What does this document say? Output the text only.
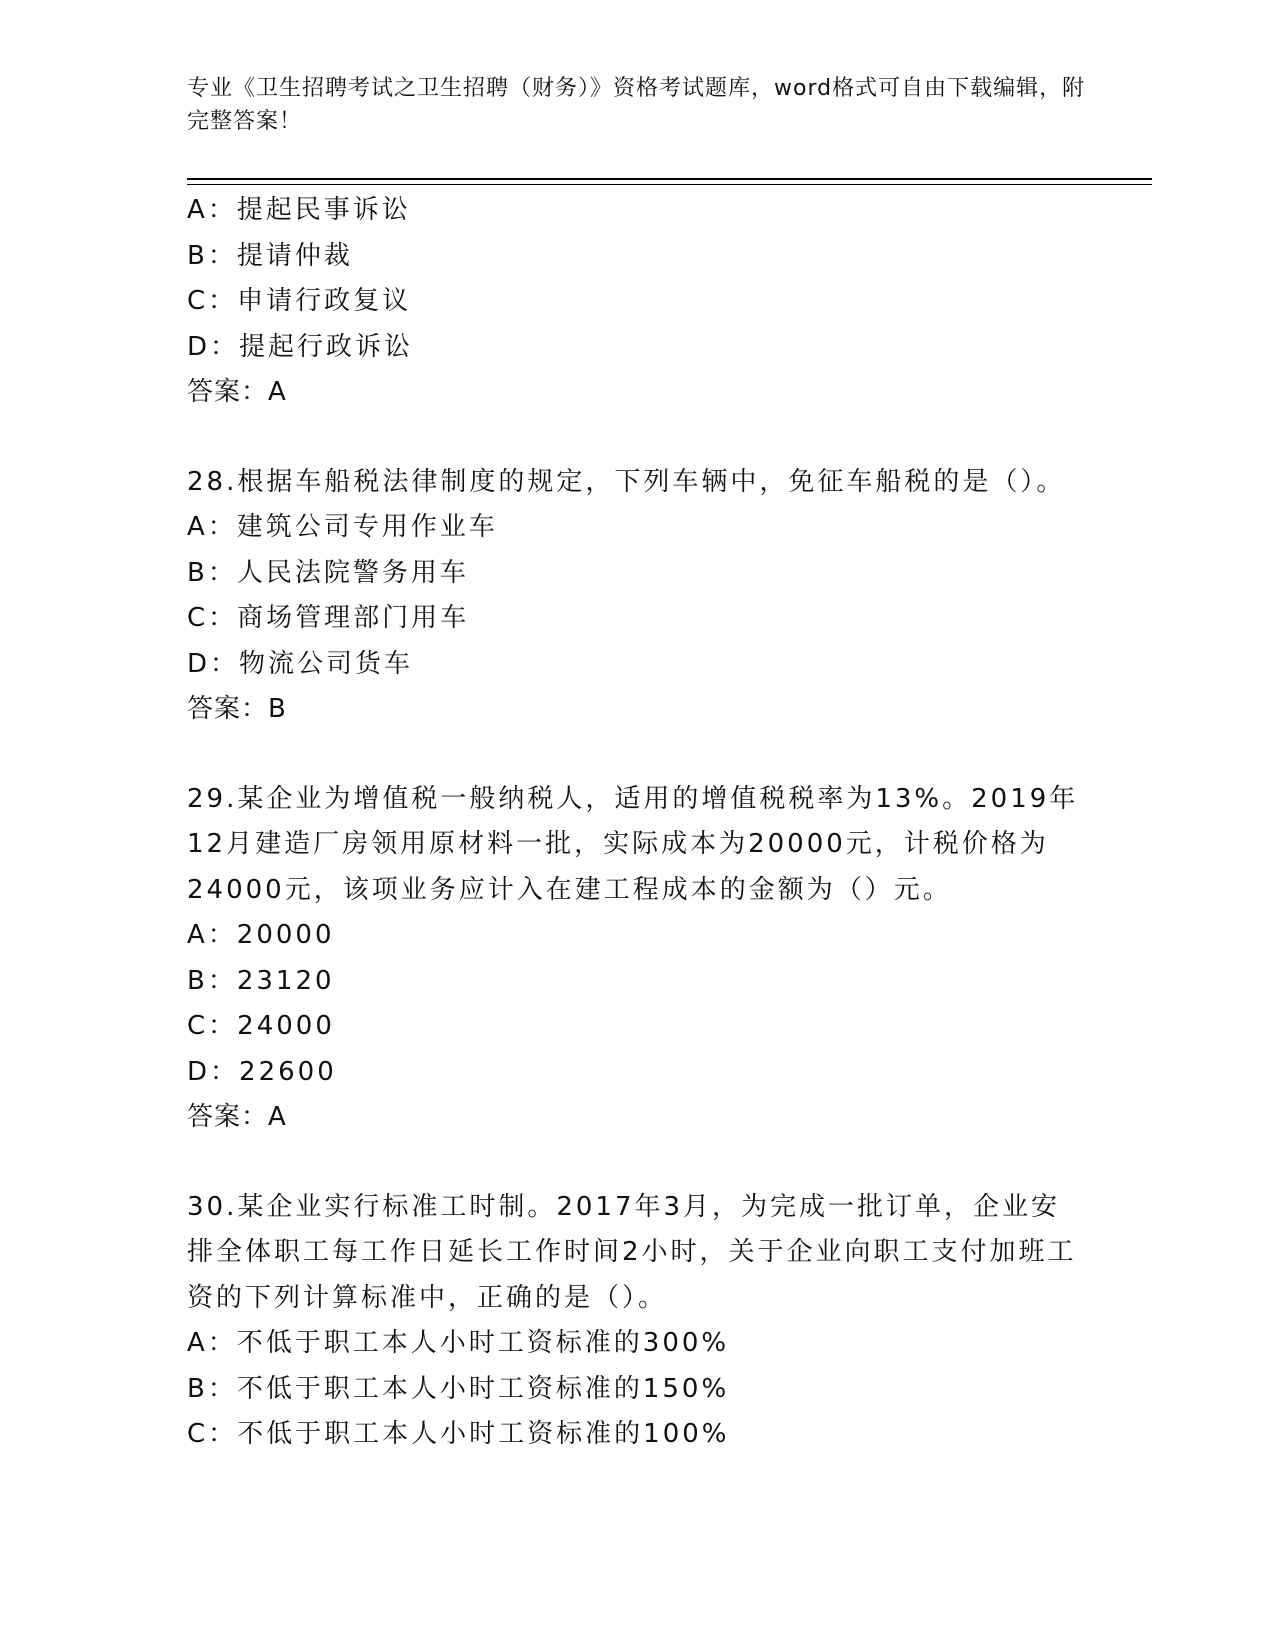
专业《卫生招聘考试之卫生招聘（财务）》资格考试题库，word格式可自由下载编辑，附完整答案！
A：提起民事诉讼
B：提请仲裁
C：申请行政复议
D：提起行政诉讼
答案：A
28.根据车船税法律制度的规定，下列车辆中，免征车船税的是（）。
A：建筑公司专用作业车
B：人民法院警务用车
C：商场管理部门用车
D：物流公司货车
答案：B
29.某企业为增值税一般纳税人，适用的增值税税率为13%。2019年12月建造厂房领用原材料一批，实际成本为20000元，计税价格为24000元，该项业务应计入在建工程成本的金额为（）元。
A：20000
B：23120
C：24000
D：22600
答案：A
30.某企业实行标准工时制。2017年3月，为完成一批订单，企业安排全体职工每工作日延长工作时间2小时，关于企业向职工支付加班工资的下列计算标准中，正确的是（）。
A：不低于职工本人小时工资标准的300%
B：不低于职工本人小时工资标准的150%
C：不低于职工本人小时工资标准的100%
